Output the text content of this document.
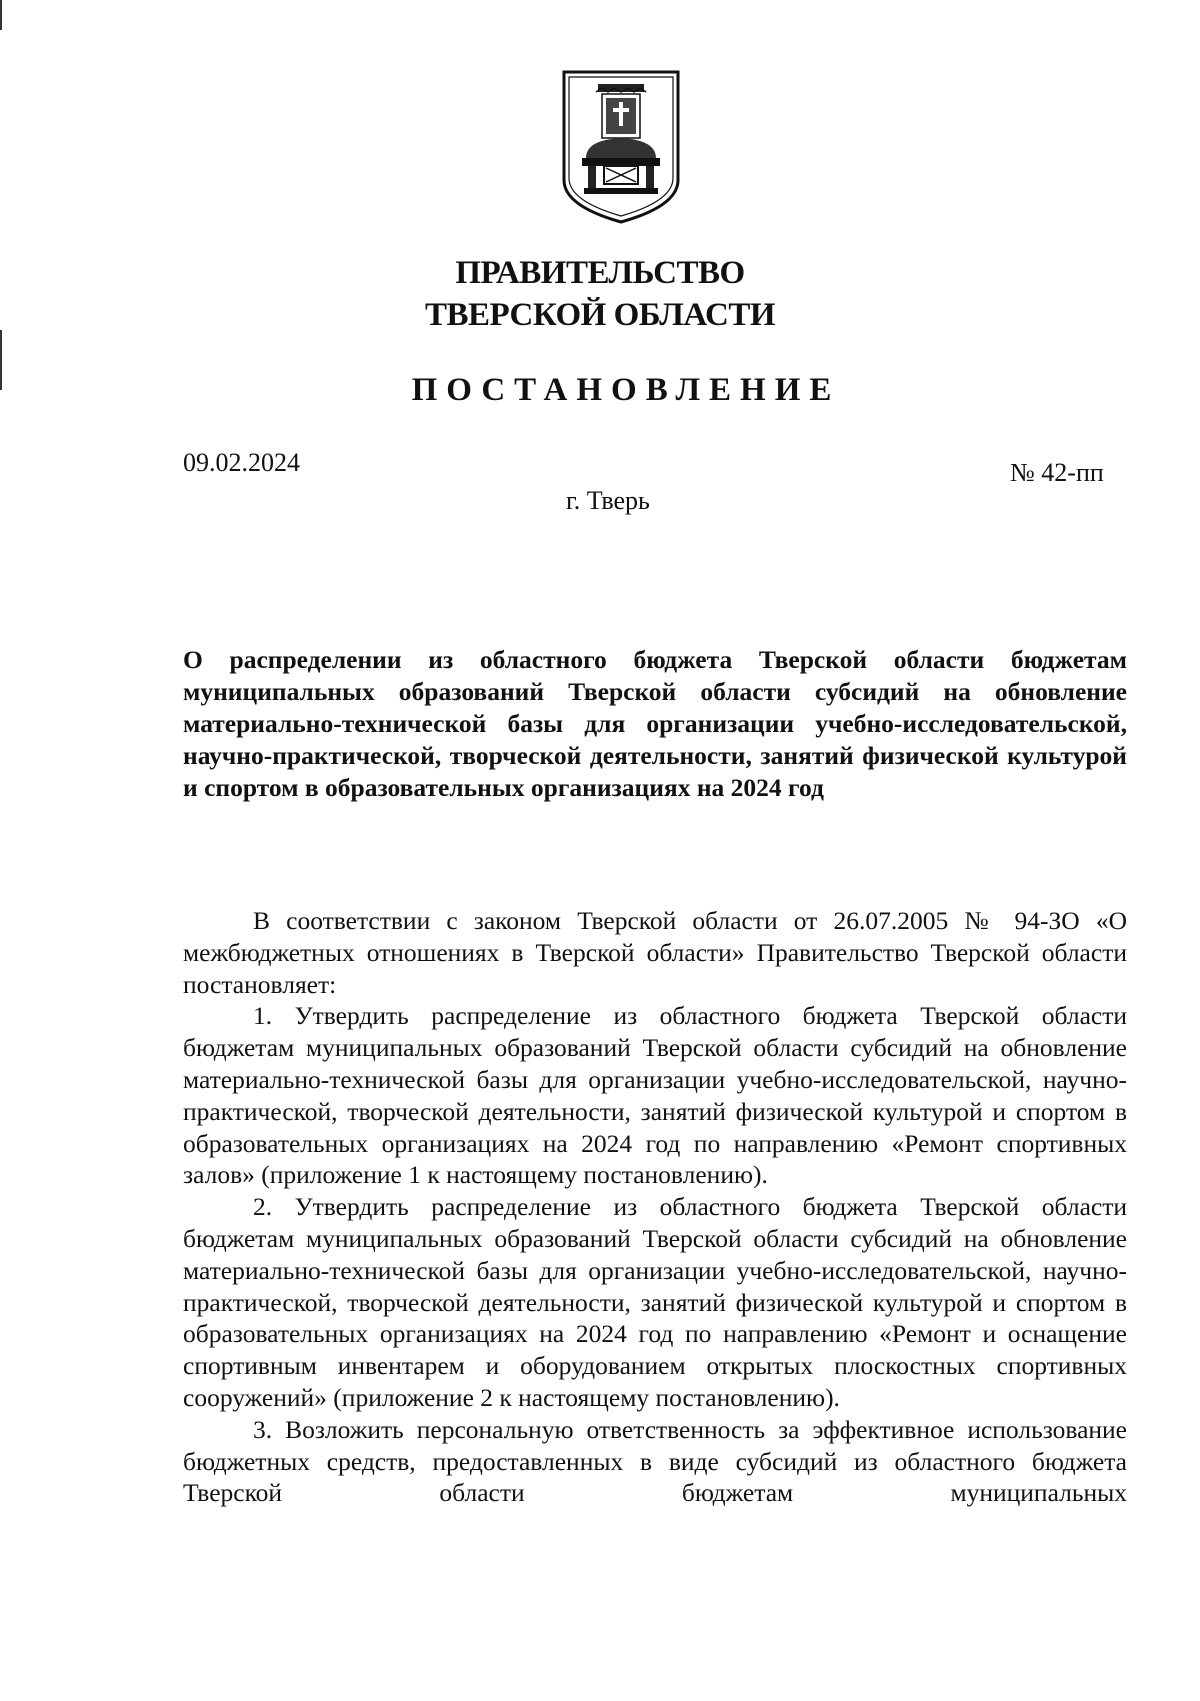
ПРАВИТЕЛЬСТВО
ТВЕРСКОЙ ОБЛАСТИ
ПОСТАНОВЛЕНИЕ
09.02.2024	№ 42-пп
г. Тверь
О распределении из областного бюджета Тверской области бюджетам муниципальных образований Тверской области субсидий на обновление материально-технической базы для организации учебно-исследовательской, научно-практической, творческой деятельности, занятий физической культурой и спортом в образовательных организациях на 2024 год

В соответствии с законом Тверской области от 26.07.2005 № 94-ЗО «О межбюджетных отношениях в Тверской области» Правительство Тверской области постановляет:

1. Утвердить распределение из областного бюджета Тверской области бюджетам муниципальных образований Тверской области субсидий на обновление материально-технической базы для организации учебно-исследовательской, научно-практической, творческой деятельности, занятий физической культурой и спортом в образовательных организациях на 2024 год по направлению «Ремонт спортивных залов» (приложение 1 к настоящему постановлению).

2. Утвердить распределение из областного бюджета Тверской области бюджетам муниципальных образований Тверской области субсидий на обновление материально-технической базы для организации учебно-исследовательской, научно-практической, творческой деятельности, занятий физической культурой и спортом в образовательных организациях на 2024 год по направлению «Ремонт и оснащение спортивным инвентарем и оборудованием открытых плоскостных спортивных сооружений» (приложение 2 к настоящему постановлению).

3. Возложить персональную ответственность за эффективное использование бюджетных средств, предоставленных в виде субсидий из областного бюджета Тверской области бюджетам муниципальных
